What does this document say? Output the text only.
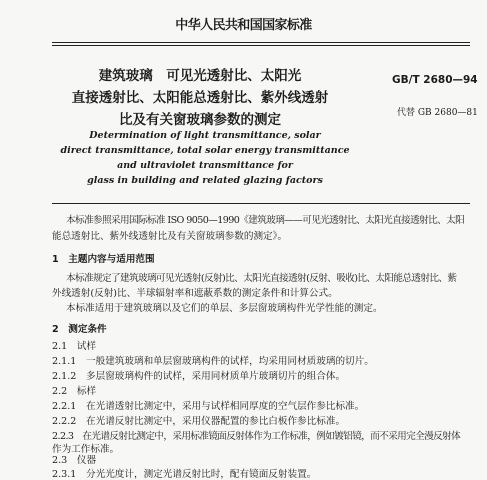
中华人民共和国国家标准
建筑玻璃　可见光透射比、太阳光
直接透射比、太阳能总透射比、紫外线透射
比及有关窗玻璃参数的测定
GB/T 2680—94
代替 GB 2680—81
Determination of light transmittance, solar
direct transmittance, total solar energy transmittance
and ultraviolet transmittance for
glass in building and related glazing factors
本标准参照采用国际标准 ISO 9050—1990《建筑玻璃——可见光透射比、太阳光直接透射比、太阳
能总透射比、紫外线透射比及有关窗玻璃参数的测定》。
1　主题内容与适用范围
本标准规定了建筑玻璃可见光透射(反射)比、太阳光直接透射(反射、吸收)比、太阳能总透射比、紫
外线透射(反射)比、半球辐射率和遮蔽系数的测定条件和计算公式。
本标准适用于建筑玻璃以及它们的单层、多层窗玻璃构件光学性能的测定。
2　测定条件
2.1　试样
2.1.1　一般建筑玻璃和单层窗玻璃构件的试样，均采用同材质玻璃的切片。
2.1.2　多层窗玻璃构件的试样，采用同材质单片玻璃切片的组合体。
2.2　标样
2.2.1　在光谱透射比测定中，采用与试样相同厚度的空气层作参比标准。
2.2.2　在光谱反射比测定中，采用仪器配置的参比白板作参比标准。
2.2.3　在光谱反射比测定中，采用标准镜面反射体作为工作标准，例如镀铝镜，而不采用完全漫反射体
作为工作标准。
2.3　仪器
2.3.1　分光光度计，测定光谱反射比时，配有镜面反射装置。
